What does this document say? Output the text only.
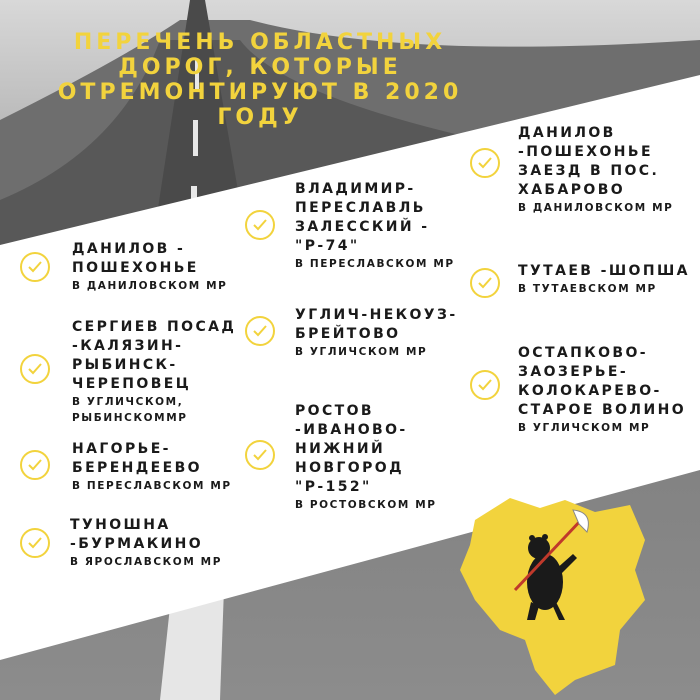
ПЕРЕЧЕНЬ ОБЛАСТНЫХ
ДОРОГ, КОТОРЫЕ
ОТРЕМОНТИРУЮТ В 2020
ГОДУ
ДАНИЛОВ -
ПОШЕХОНЬЕ
В ДАНИЛОВСКОМ МР
СЕРГИЕВ ПОСАД
-КАЛЯЗИН-
РЫБИНСК-
ЧЕРЕПОВЕЦ
В УГЛИЧСКОМ,
РЫБИНСКОММР
НАГОРЬЕ-
БЕРЕНДЕЕВО
В ПЕРЕСЛАВСКОМ МР
ТУНОШНА
-БУРМАКИНО
В ЯРОСЛАВСКОМ МР
ВЛАДИМИР-
ПЕРЕСЛАВЛЬ
ЗАЛЕССКИЙ -
"Р-74"
В ПЕРЕСЛАВСКОМ МР
УГЛИЧ-НЕКОУЗ-
БРЕЙТОВО
В УГЛИЧСКОМ МР
РОСТОВ
-ИВАНОВО-
НИЖНИЙ
НОВГОРОД
"Р-152"
В РОСТОВСКОМ МР
ДАНИЛОВ
-ПОШЕХОНЬЕ
ЗАЕЗД В ПОС.
ХАБАРОВО
В ДАНИЛОВСКОМ МР
ТУТАЕВ -ШОПША
В ТУТАЕВСКОМ МР
ОСТАПКОВО-
ЗАОЗЕРЬЕ-
КОЛОКАРЕВО-
СТАРОЕ ВОЛИНО
В УГЛИЧСКОМ МР
